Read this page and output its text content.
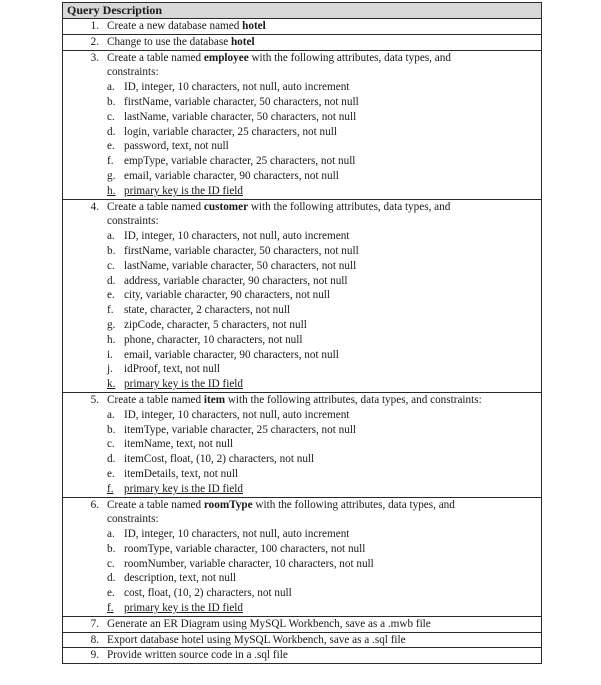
Query Description
1. Create a new database named hotel
2. Change to use the database hotel
3. Create a table named employee with the following attributes, data types, and
constraints:
a. ID, integer, 10 characters, not null, auto increment
b. firstName, variable character, 50 characters, not null
c. lastName, variable character, 50 characters, not null
d. login, variable character, 25 characters, not null
e. password, text, not null
f. empType, variable character, 25 characters, not null
g. email, variable character, 90 characters, not null
h. primary key is the ID field
4. Create a table named customer with the following attributes, data types, and
constraints:
a. ID, integer, 10 characters, not null, auto increment
b. firstName, variable character, 50 characters, not null
c. lastName, variable character, 50 characters, not null
d. address, variable character, 90 characters, not null
e. city, variable character, 90 characters, not null
f. state, character, 2 characters, not null
g. zipCode, character, 5 characters, not null
h. phone, character, 10 characters, not null
i. email, variable character, 90 characters, not null
j. idProof, text, not null
k. primary key is the ID field
5. Create a table named item with the following attributes, data types, and constraints:
a. ID, integer, 10 characters, not null, auto increment
b. itemType, variable character, 25 characters, not null
c. itemName, text, not null
d. itemCost, float, (10, 2) characters, not null
e. itemDetails, text, not null
f. primary key is the ID field
6. Create a table named roomType with the following attributes, data types, and
constraints:
a. ID, integer, 10 characters, not null, auto increment
b. roomType, variable character, 100 characters, not null
c. roomNumber, variable character, 10 characters, not null
d. description, text, not null
e. cost, float, (10, 2) characters, not null
f. primary key is the ID field
7. Generate an ER Diagram using MySQL Workbench, save as a .mwb file
8. Export database hotel using MySQL Workbench, save as a .sql file
9. Provide written source code in a .sql file
